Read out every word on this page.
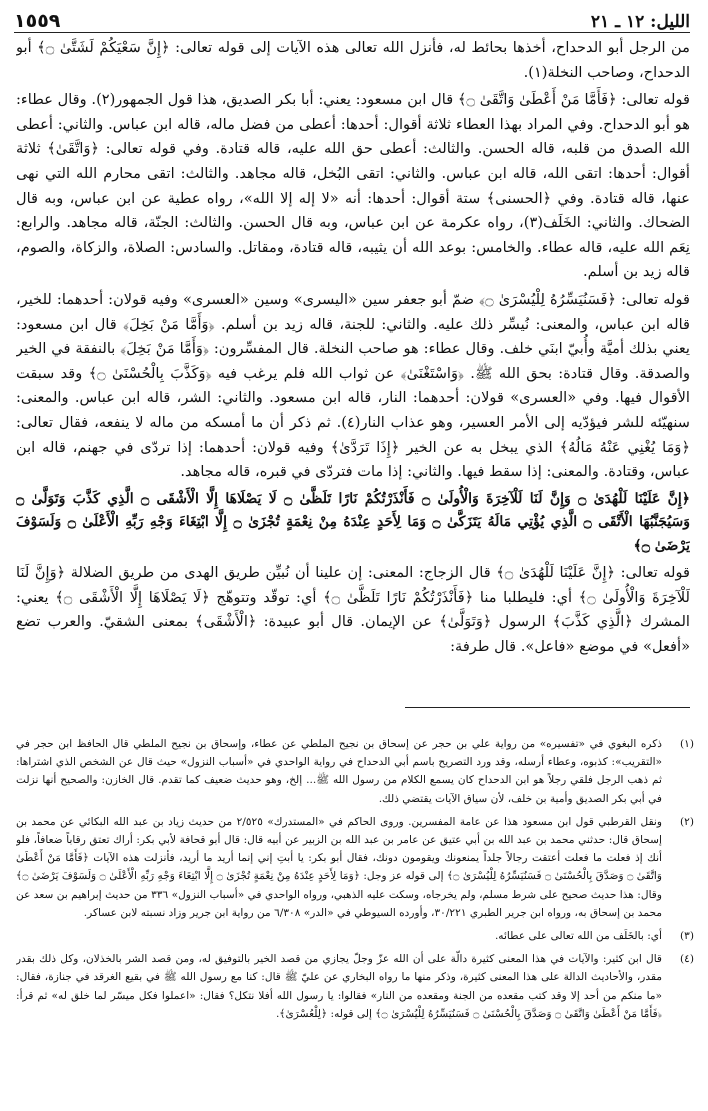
الليل: ١٢ ـ ٢١
١٥٥٩

من الرجل أبو الدحداح، أخذها بحائط له، فأنزل الله تعالى هذه الآيات إلى قوله تعالى: ﴿إِنَّ سَعْيَكُمْ لَشَتَّىٰ ۝﴾ أبو الدحداح، وصاحب النخلة(١).

قوله تعالى: ﴿فَأَمَّا مَنْ أَعْطَىٰ وَاتَّقَىٰ ۝﴾ قال ابن مسعود: يعني: أبا بكر الصديق، هذا قول الجمهور(٢). وقال عطاء: هو أبو الدحداح. وفي المراد بهذا العطاء ثلاثة أقوال: أحدها: أعطى من فضل ماله، قاله ابن عباس. والثاني: أعطى الله الصدق من قلبه، قاله الحسن. والثالث: أعطى حق الله عليه، قاله قتادة. وفي قوله تعالى: ﴿وَاتَّقَىٰ﴾ ثلاثة أقوال: أحدها: اتقى الله، قاله ابن عباس. والثاني: اتقى البُخل، قاله مجاهد. والثالث: اتقى محارم الله التي نهى عنها، قاله قتادة. وفي ﴿الحسنى﴾ ستة أقوال: أحدها: أنه «لا إله إلا الله»، رواه عطية عن ابن عباس، وبه قال الضحاك. والثاني: الخَلَف(٣)، رواه عكرمة عن ابن عباس، وبه قال الحسن. والثالث: الجنّة، قاله مجاهد. والرابع: نِعَم الله عليه، قاله عطاء. والخامس: بوعد الله أن يثيبه، قاله قتادة، ومقاتل. والسادس: الصلاة، والزكاة، والصوم، قاله زيد بن أسلم.

قوله تعالى: ﴿فَسَنُيَسِّرُهُ لِلْيُسْرَىٰ ۝﴾ ضمّ أبو جعفر سين «اليسرى» وسين «العسرى» وفيه قولان: أحدهما: للخير، قاله ابن عباس، والمعنى: نُيسِّر ذلك عليه. والثاني: للجنة، قاله زيد بن أسلم. ﴿وَأَمَّا مَنْ بَخِلَ﴾ قال ابن مسعود: يعني بذلك أميَّة وأُبيّ ابنَي خلف. وقال عطاء: هو صاحب النخلة. قال المفسِّرون: ﴿وَأَمَّا مَنْ بَخِلَ﴾ بالنفقة في الخير والصدقة. وقال قتادة: بحق الله ﷺ. ﴿وَاسْتَغْنَىٰ﴾ عن ثواب الله فلم يرغب فيه ﴿وَكَذَّبَ بِالْحُسْنَىٰ ۝﴾ وقد سبقت الأقوال فيها. وفي «العسرى» قولان: أحدهما: النار، قاله ابن مسعود. والثاني: الشر، قاله ابن عباس. والمعنى: سنهيّئه للشر فيؤدّيه إلى الأمر العسير، وهو عذاب النار(٤). ثم ذكر أن ما أمسكه من ماله لا ينفعه، فقال تعالى: ﴿وَمَا يُغْنِي عَنْهُ مَالُهُ﴾ الذي يبخل به عن الخير ﴿إِذَا تَرَدَّىٰ﴾ وفيه قولان: أحدهما: إذا تردّى في جهنم، قاله ابن عباس، وقتادة. والمعنى: إذا سقط فيها. والثاني: إذا مات فتردّى في قبره، قاله مجاهد.

﴿إِنَّ عَلَيْنَا لَلْهُدَىٰ ۝ وَإِنَّ لَنَا لَلْآخِرَةَ وَالْأُولَىٰ ۝ فَأَنْذَرْتُكُمْ نَارًا تَلَظَّىٰ ۝ لَا يَصْلَاهَا إِلَّا الْأَشْقَى ۝ الَّذِي كَذَّبَ وَتَوَلَّىٰ ۝ وَسَيُجَنَّبُهَا الْأَتْقَى ۝ الَّذِي يُؤْتِي مَالَهُ يَتَزَكَّىٰ ۝ وَمَا لِأَحَدٍ عِنْدَهُ مِنْ نِعْمَةٍ تُجْزَىٰ ۝ إِلَّا ابْتِغَاءَ وَجْهِ رَبِّهِ الْأَعْلَىٰ ۝ وَلَسَوْفَ يَرْضَىٰ ۝﴾

قوله تعالى: ﴿إِنَّ عَلَيْنَا لَلْهُدَىٰ ۝﴾ قال الزجاج: المعنى: إن علينا أن نُبيِّن طريق الهدى من طريق الضلالة ﴿وَإِنَّ لَنَا لَلْآخِرَةَ وَالْأُولَىٰ ۝﴾ أي: فليطلبا منا ﴿فَأَنْذَرْتُكُمْ نَارًا تَلَظَّىٰ ۝﴾ أي: توقّد وتتوهّج ﴿لَا يَصْلَاهَا إِلَّا الْأَشْقَى ۝﴾ يعني: المشرك ﴿الَّذِي كَذَّبَ﴾ الرسول ﴿وَتَوَلَّىٰ﴾ عن الإيمان. قال أبو عبيدة: ﴿الْأَشْقَى﴾ بمعنى الشقيّ. والعرب تضع «أفعل» في موضع «فاعل». قال طرفة:

(١)
ذكره البغوي في «تفسيره» من رواية علي بن حجر عن إسحاق بن نجيح الملطي عن عطاء، وإسحاق بن نجيح الملطي قال الحافظ ابن حجر في «التقريب»: كذبوه، وعطاء أرسله، وقد ورد التصريح باسم أبي الدحداح في رواية الواحدي في «أسباب النزول» حيث قال عن الشخص الذي اشتراها: ثم ذهب الرجل فلقي رجلاً هو ابن الدحداح كان يسمع الكلام من رسول الله ﷺ... إلخ، وهو حديث ضعيف كما تقدم. قال الخازن: والصحيح أنها نزلت في أبي بكر الصديق وأمية بن خلف، لأن سياق الآيات يقتضي ذلك.
(٢)
ونقل القرطبي قول ابن مسعود هذا عن عامة المفسرين. وروى الحاكم في «المستدرك» ٢/٥٢٥ من حديث زياد بن عبد الله البكائي عن محمد بن إسحاق قال: حدثني محمد بن عبد الله بن أبي عتيق عن عامر بن عبد الله بن الزبير عن أبيه قال: قال أبو قحافة لأبي بكر: أراك تعتق رقاباً ضعافاً، فلو أنك إذ فعلت ما فعلت أعتقت رجالاً جلداً يمنعونك ويقومون دونك، فقال أبو بكر: يا أبتِ إني إنما أريد ما أريد، فأنزلت هذه الآيات ﴿فَأَمَّا مَنْ أَعْطَىٰ وَاتَّقَىٰ ۝ وَصَدَّقَ بِالْحُسْنَىٰ ۝ فَسَنُيَسِّرُهُ لِلْيُسْرَىٰ ۝﴾ إلى قوله عز وجل: ﴿وَمَا لِأَحَدٍ عِنْدَهُ مِنْ نِعْمَةٍ تُجْزَىٰ ۝ إِلَّا ابْتِغَاءَ وَجْهِ رَبِّهِ الْأَعْلَىٰ ۝ وَلَسَوْفَ يَرْضَىٰ ۝﴾ وقال: هذا حديث صحيح على شرط مسلم، ولم يخرجاه، وسكت عليه الذهبي، ورواه الواحدي في «أسباب النزول» ٣٣٦ من حديث إبراهيم بن سعد عن محمد بن إسحاق به، ورواه ابن جرير الطبري ٣٠/٢٢١، وأورده السيوطي في «الدر» ٦/٣٠٨ من رواية ابن جرير وزاد نسبته لابن عساكر.
(٣)
أي: بالخَلَف من الله تعالى على عطائه.
(٤)
قال ابن كثير: والآيات في هذا المعنى كثيرة دالّة على أن الله عزّ وجلّ يجازي من قصد الخير بالتوفيق له، ومن قصد الشر بالخذلان، وكل ذلك بقدر مقدر، والأحاديث الدالة على هذا المعنى كثيرة، وذكر منها ما رواه البخاري عن عليّ ﷺ قال: كنا مع رسول الله ﷺ في بقيع الغرقد في جنازة، فقال: «ما منكم من أحد إلا وقد كتب مقعده من الجنة ومقعده من النار» فقالوا: يا رسول الله أفلا نتكل؟ فقال: «اعملوا فكل ميسّر لما خلق له» ثم قرأ: ﴿فَأَمَّا مَنْ أَعْطَىٰ وَاتَّقَىٰ ۝ وَصَدَّقَ بِالْحُسْنَىٰ ۝ فَسَنُيَسِّرُهُ لِلْيُسْرَىٰ ۝﴾ إلى قوله: ﴿لِلْعُسْرَىٰ﴾.
